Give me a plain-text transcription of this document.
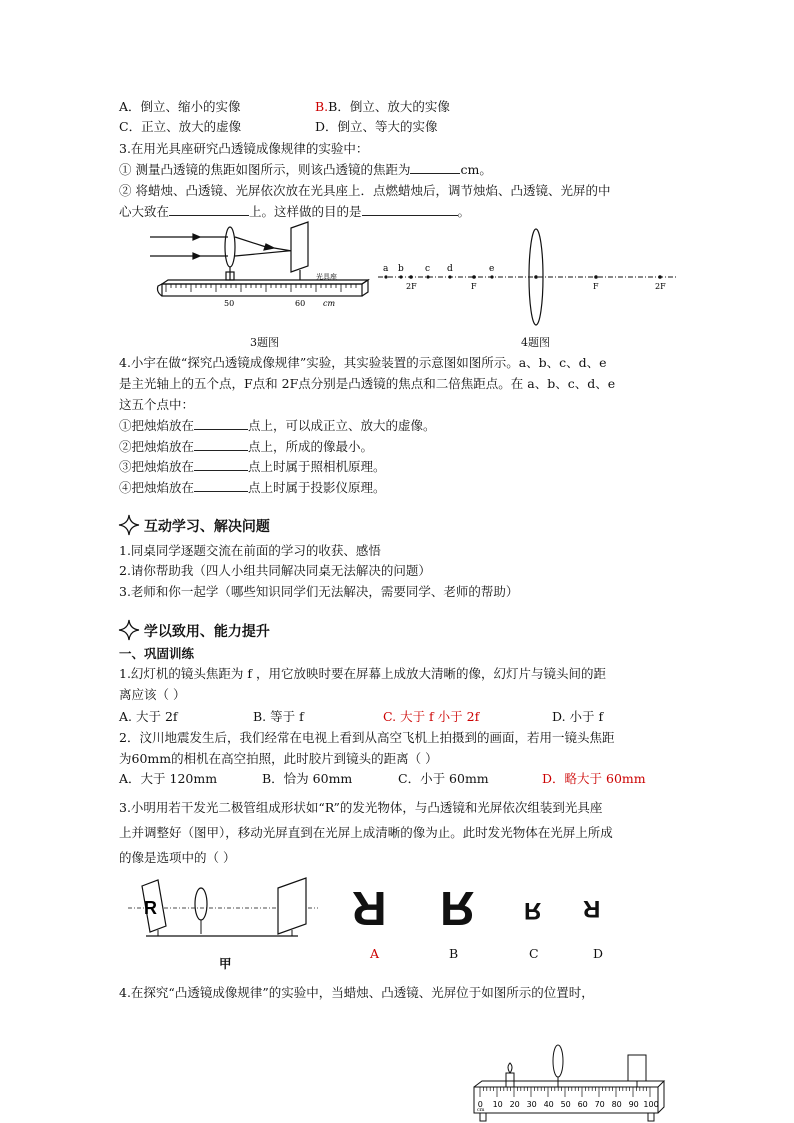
A．倒立、缩小的实像	B.B．倒立、放大的实像
C．正立、放大的虚像	D．倒立、等大的实像
3.在用光具座研究凸透镜成像规律的实验中：
① 测量凸透镜的焦距如图所示，则该凸透镜的焦距为	cm。
② 将蜡烛、凸透镜、光屏依次放在光具座上．点燃蜡烛后，调节烛焰、凸透镜、光屏的中
心大致在	上。这样做的目的是	。
50	60 cm
光具座
a b c d	e
2F	F	F	2F
3题图	4题图
4.小宇在做“探究凸透镜成像规律”实验，其实验装置的示意图如图所示。a、b、c、d、e
是主光轴上的五个点，F点和 2F点分别是凸透镜的焦点和二倍焦距点。在 a、b、c、d、e
这五个点中：
①把烛焰放在	点上，可以成正立、放大的虚像。
②把烛焰放在	点上，所成的像最小。
③把烛焰放在	点上时属于照相机原理。
④把烛焰放在	点上时属于投影仪原理。
互动学习、解决问题
1.同桌同学逐题交流在前面的学习的收获、感悟
2.请你帮助我（四人小组共同解决同桌无法解决的问题）
3.老师和你一起学（哪些知识同学们无法解决，需要同学、老师的帮助）
学以致用、能力提升
一、巩固训练
1.幻灯机的镜头焦距为 f ，用它放映时要在屏幕上成放大清晰的像，幻灯片与镜头间的距
离应该（ ）
A. 大于 2f	B. 等于 f	C. 大于 f 小于 2f	D. 小于 f
2．汶川地震发生后，我们经常在电视上看到从高空飞机上拍摄到的画面，若用一镜头焦距
为60mm的相机在高空拍照，此时胶片到镜头的距离（ ）
A．大于 120mm	B．恰为 60mm	C．小于 60mm	D．略大于 60mm
3.小明用若干发光二极管组成形状如“R”的发光物体，与凸透镜和光屏依次组装到光具座
上并调整好（图甲），移动光屏直到在光屏上成清晰的像为止。此时发光物体在光屏上所成
的像是选项中的（ ）
R
甲
R R R R
A	B	C	D
4.在探究“凸透镜成像规律”的实验中，当蜡烛、凸透镜、光屏位于如图所示的位置时，
0 10 20 30 40 50 60 70 80 90 100
cm
